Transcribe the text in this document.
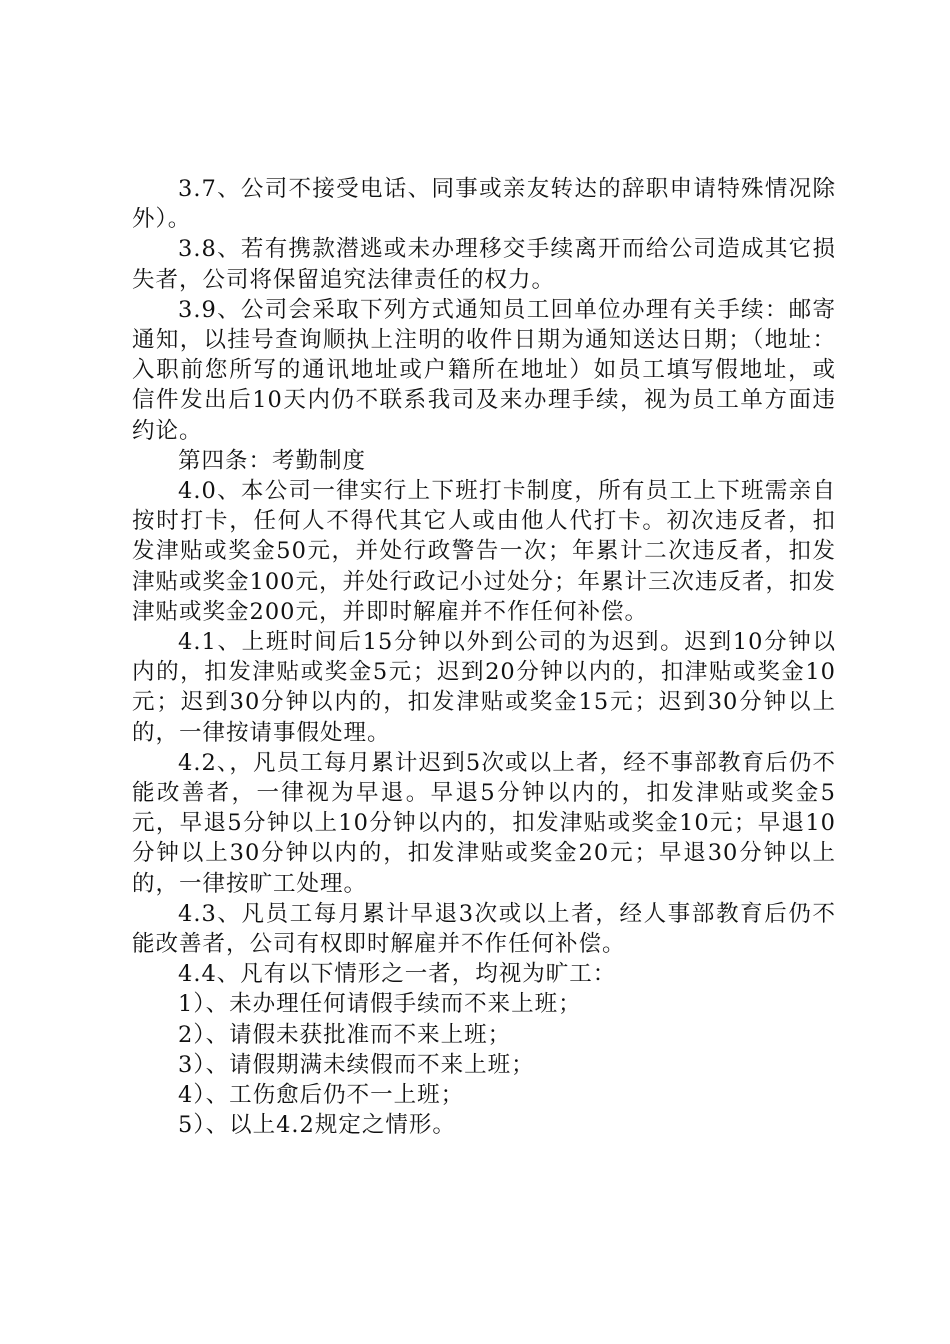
3.7、公司不接受电话、同事或亲友转达的辞职申请特殊情况除外）。

3.8、若有携款潜逃或未办理移交手续离开而给公司造成其它损失者，公司将保留追究法律责任的权力。

3.9、公司会采取下列方式通知员工回单位办理有关手续：邮寄通知，以挂号查询顺执上注明的收件日期为通知送达日期；（地址：入职前您所写的通讯地址或户籍所在地址）如员工填写假地址，或信件发出后10天内仍不联系我司及来办理手续，视为员工单方面违约论。

第四条：考勤制度

4.0、本公司一律实行上下班打卡制度，所有员工上下班需亲自按时打卡，任何人不得代其它人或由他人代打卡。初次违反者，扣发津贴或奖金50元，并处行政警告一次；年累计二次违反者，扣发津贴或奖金100元，并处行政记小过处分；年累计三次违反者，扣发津贴或奖金200元，并即时解雇并不作任何补偿。

4.1、上班时间后15分钟以外到公司的为迟到。迟到10分钟以内的，扣发津贴或奖金5元；迟到20分钟以内的，扣津贴或奖金10元；迟到30分钟以内的，扣发津贴或奖金15元；迟到30分钟以上的，一律按请事假处理。

4.2、，凡员工每月累计迟到5次或以上者，经不事部教育后仍不能改善者，一律视为早退。早退5分钟以内的，扣发津贴或奖金5元，早退5分钟以上10分钟以内的，扣发津贴或奖金10元；早退10分钟以上30分钟以内的，扣发津贴或奖金20元；早退30分钟以上的，一律按旷工处理。

4.3、凡员工每月累计早退3次或以上者，经人事部教育后仍不能改善者，公司有权即时解雇并不作任何补偿。

4.4、凡有以下情形之一者，均视为旷工：

1）、未办理任何请假手续而不来上班；

2）、请假未获批准而不来上班；

3）、请假期满未续假而不来上班；

4）、工伤愈后仍不一上班；

5）、以上4.2规定之情形。
